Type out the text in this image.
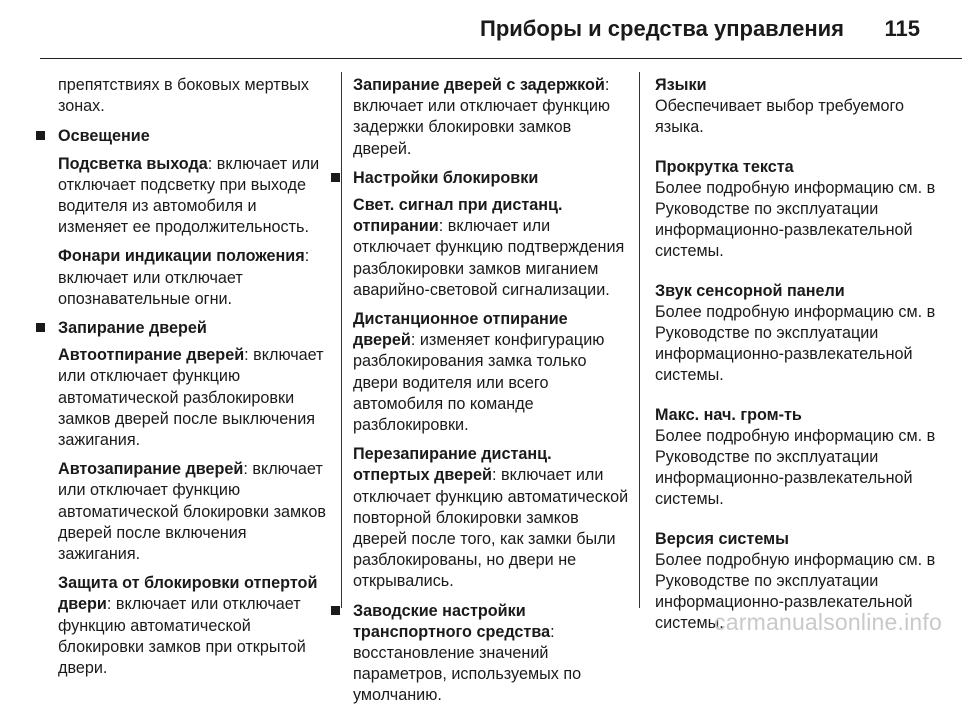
Приборы и средства управления 115

препятствиях в боковых мертвых зонах.

Освещение

Подсветка выхода: включает или отключает подсветку при выходе водителя из автомобиля и изменяет ее продолжительность.

Фонари индикации положения: включает или отключает опознавательные огни.

Запирание дверей

Автоотпирание дверей: включает или отключает функцию автоматической разблокировки замков дверей после выключения зажигания.

Автозапирание дверей: включает или отключает функцию автоматической блокировки замков дверей после включения зажигания.

Защита от блокировки отпертой двери: включает или отключает функцию автоматической блокировки замков при открытой двери.

Запирание дверей с задержкой: включает или отключает функцию задержки блокировки замков дверей.

Настройки блокировки

Свет. сигнал при дистанц. отпирании: включает или отключает функцию подтверждения разблокировки замков миганием аварийно-световой сигнализации.

Дистанционное отпирание дверей: изменяет конфигурацию разблокирования замка только двери водителя или всего автомобиля по команде разблокировки.

Перезапирание дистанц. отпертых дверей: включает или отключает функцию автоматической повторной блокировки замков дверей после того, как замки были разблокированы, но двери не открывались.

Заводские настройки транспортного средства: восстановление значений параметров, используемых по умолчанию.

Языки

Обеспечивает выбор требуемого языка.

Прокрутка текста

Более подробную информацию см. в Руководстве по эксплуатации информационно-развлекательной системы.

Звук сенсорной панели

Более подробную информацию см. в Руководстве по эксплуатации информационно-развлекательной системы.

Макс. нач. гром-ть

Более подробную информацию см. в Руководстве по эксплуатации информационно-развлекательной системы.

Версия системы

Более подробную информацию см. в Руководстве по эксплуатации информационно-развлекательной системы.

carmanualsonline.info
